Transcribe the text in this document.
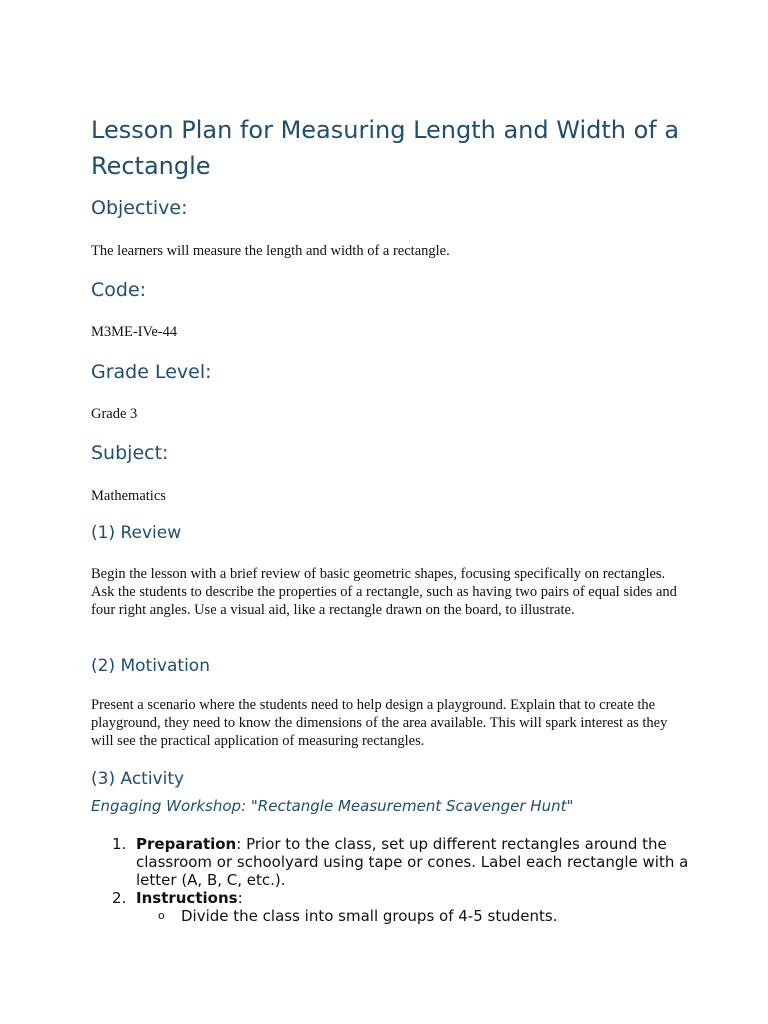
Lesson Plan for Measuring Length and Width of a Rectangle
Objective:

The learners will measure the length and width of a rectangle.

Code:

M3ME-IVe-44

Grade Level:

Grade 3

Subject:

Mathematics

(1) Review

Begin the lesson with a brief review of basic geometric shapes, focusing specifically on rectangles. Ask the students to describe the properties of a rectangle, such as having two pairs of equal sides and four right angles. Use a visual aid, like a rectangle drawn on the board, to illustrate.

(2) Motivation

Present a scenario where the students need to help design a playground. Explain that to create the playground, they need to know the dimensions of the area available. This will spark interest as they will see the practical application of measuring rectangles.

(3) Activity

Engaging Workshop: "Rectangle Measurement Scavenger Hunt"

1. Preparation: Prior to the class, set up different rectangles around the classroom or schoolyard using tape or cones. Label each rectangle with a letter (A, B, C, etc.).
2. Instructions:
o Divide the class into small groups of 4-5 students.
